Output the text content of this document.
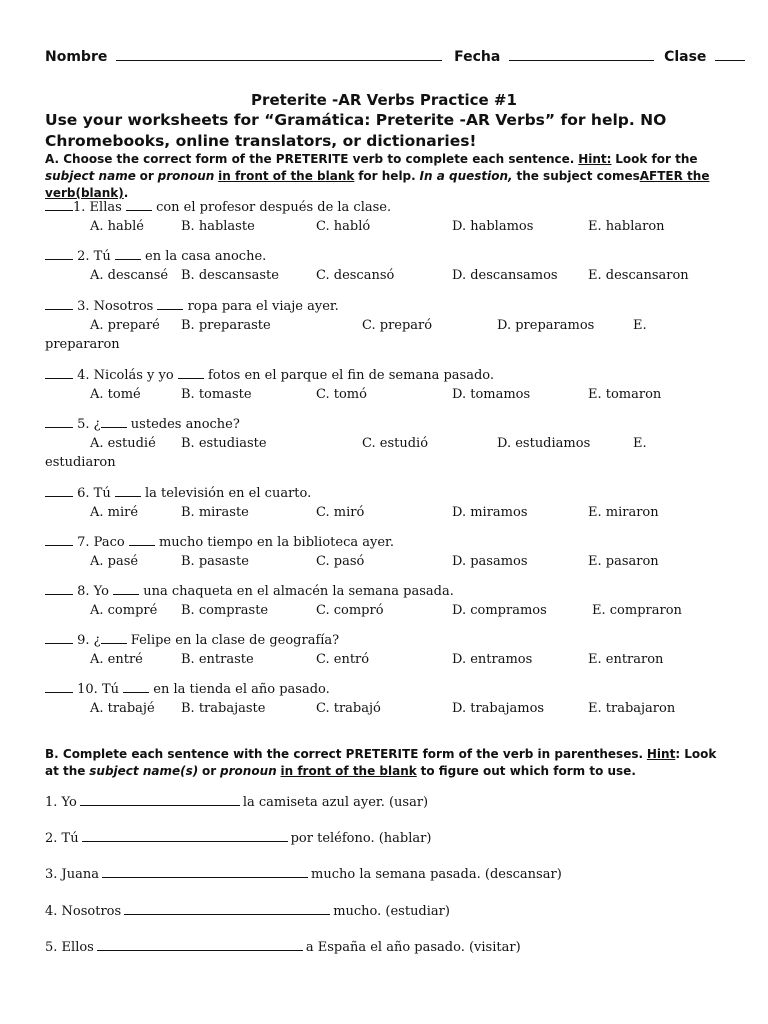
Nombre	Fecha	Clase
Preterite -AR Verbs Practice #1
Use your worksheets for “Gramática: Preterite -AR Verbs” for help. NO Chromebooks, online translators, or dictionaries!
A. Choose the correct form of the PRETERITE verb to complete each sentence. Hint: Look for the subject name or pronoun in front of the blank for help. In a question, the subject comesAFTER the verb(blank).
1. Ellas	con el profesor después de la clase.
A. hablé	B. hablaste	C. habló	D. hablamos	E. hablaron
2. Tú	en la casa anoche.
A. descansé B. descansaste	C. descansó	D. descansamos E. descansaron
3. Nosotros	ropa para el viaje ayer.
A. preparé B. preparaste	C. preparó	D. preparamos	E.
prepararon
4. Nicolás y yo	fotos en el parque el fin de semana pasado.
A. tomé	B. tomaste	C. tomó	D. tomamos	E. tomaron
5. ¿ ustedes anoche?
A. estudié B. estudiaste	C. estudió	D. estudiamos	E.
estudiaron
6. Tú	la televisión en el cuarto.
A. miré	B. miraste	C. miró	D. miramos	E. miraron
7. Paco	mucho tiempo en la biblioteca ayer.
A. pasé	B. pasaste	C. pasó	D. pasamos	E. pasaron
8. Yo	una chaqueta en el almacén la semana pasada.
A. compré B. compraste	C. compró	D. compramos	E. compraron
9. ¿ Felipe en la clase de geografía?
A. entré	B. entraste	C. entró	D. entramos	E. entraron
10. Tú	en la tienda el año pasado.
A. trabajé B. trabajaste	C. trabajó	D. trabajamos	E. trabajaron
B. Complete each sentence with the correct PRETERITE form of the verb in parentheses. Hint: Look at the subject name(s) or pronoun in front of the blank to figure out which form to use.
1. Yo	la camiseta azul ayer. (usar)
2. Tú	por teléfono. (hablar)
3. Juana	mucho la semana pasada. (descansar)
4. Nosotros	mucho. (estudiar)
5. Ellos	a España el año pasado. (visitar)
